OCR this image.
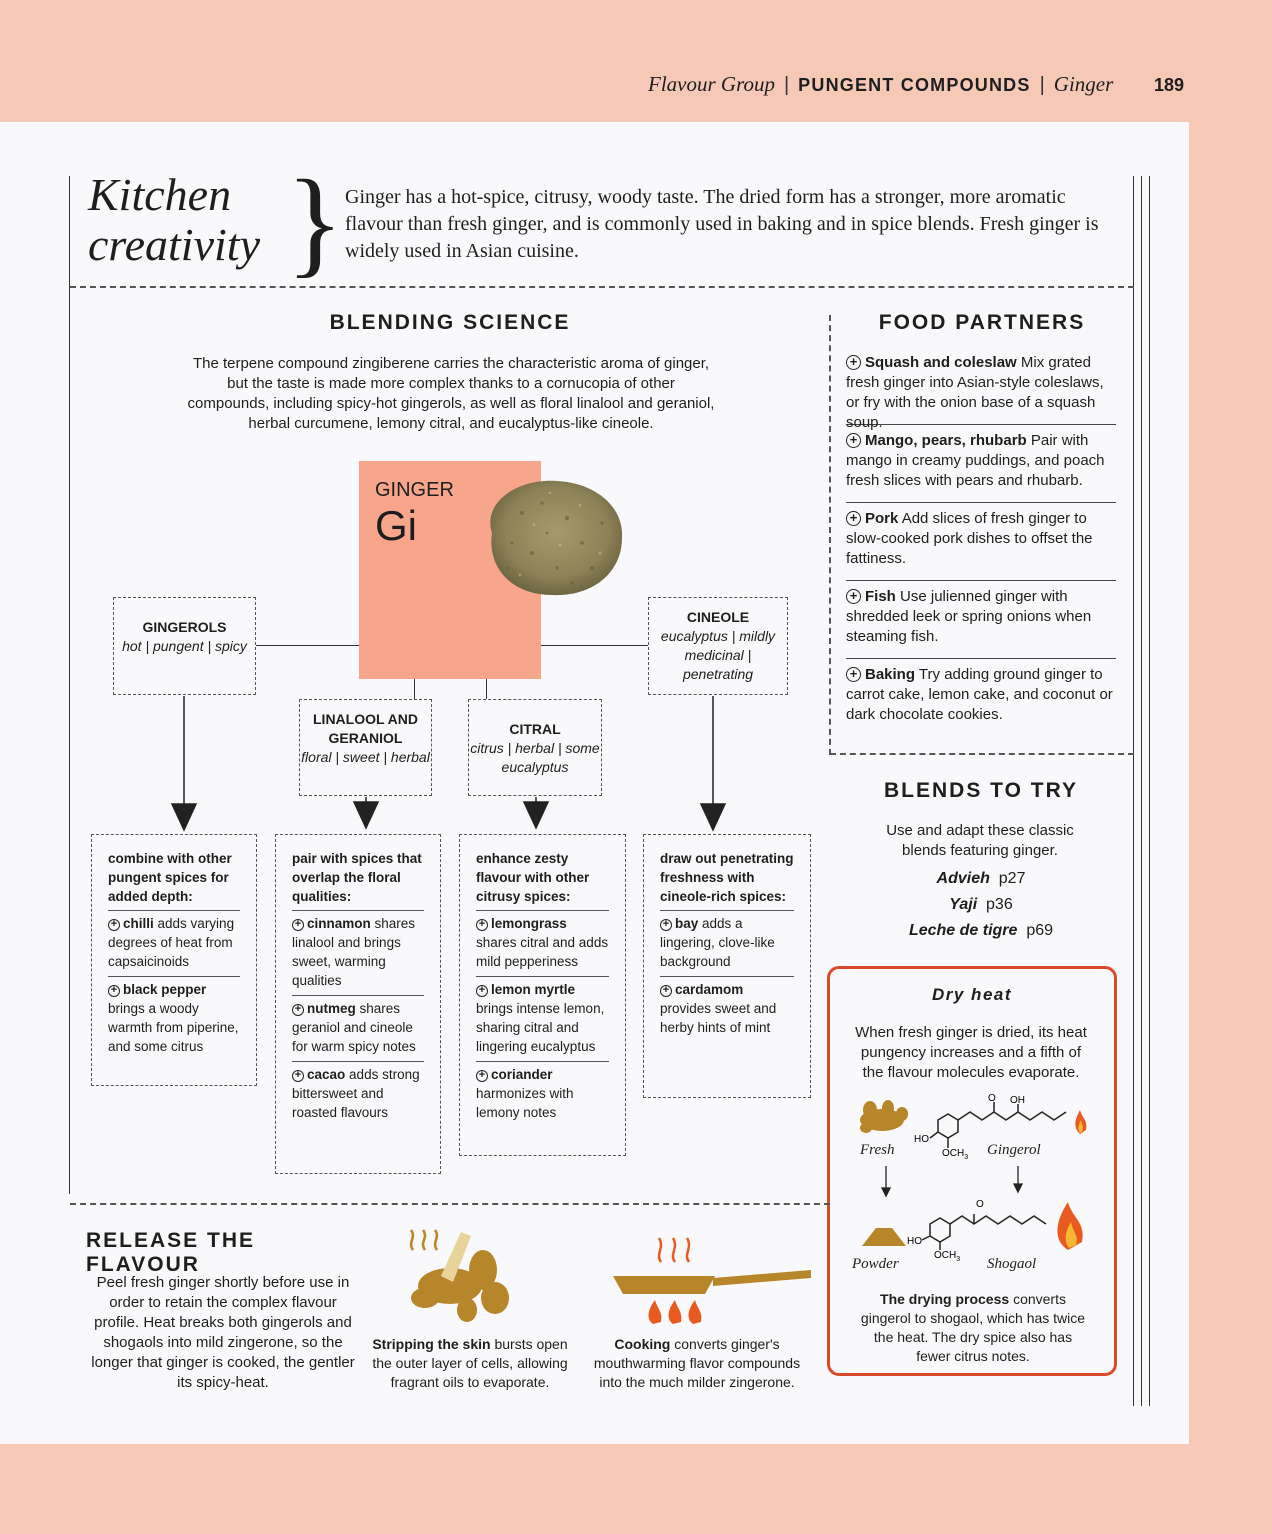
Flavour Group | PUNGENT COMPOUNDS | Ginger 189
Kitchen
creativity } Ginger has a hot-spice, citrusy, woody taste. The dried form has a stronger, more aromatic flavour than fresh ginger, and is commonly used in baking and in spice blends. Fresh ginger is widely used in Asian cuisine.
BLENDING SCIENCE
The terpene compound zingiberene carries the characteristic aroma of ginger, but the taste is made more complex thanks to a cornucopia of other compounds, including spicy-hot gingerols, as well as floral linalool and geraniol, herbal curcumene, lemony citral, and eucalyptus-like cineole.
GINGER
Gi
GINGEROLS
hot | pungent | spicy
LINALOOL AND GERANIOL
floral | sweet | herbal
CITRAL
citrus | herbal | some eucalyptus
CINEOLE
eucalyptus | mildly medicinal | penetrating
combine with other pungent spices for added depth:
+ chilli adds varying degrees of heat from capsaicinoids
+ black pepper brings a woody warmth from piperine, and some citrus
pair with spices that overlap the floral qualities:
+ cinnamon shares linalool and brings sweet, warming qualities
+ nutmeg shares geraniol and cineole for warm spicy notes
+ cacao adds strong bittersweet and roasted flavours
enhance zesty flavour with other citrusy spices:
+ lemongrass shares citral and adds mild pepperiness
+ lemon myrtle brings intense lemon, sharing citral and lingering eucalyptus
+ coriander harmonizes with lemony notes
draw out penetrating freshness with cineole-rich spices:
+ bay adds a lingering, clove-like background
+ cardamom provides sweet and herby hints of mint
FOOD PARTNERS
+ Squash and coleslaw Mix grated fresh ginger into Asian-style coleslaws, or fry with the onion base of a squash soup.
+ Mango, pears, rhubarb Pair with mango in creamy puddings, and poach fresh slices with pears and rhubarb.
+ Pork Add slices of fresh ginger to slow-cooked pork dishes to offset the fattiness.
+ Fish Use julienned ginger with shredded leek or spring onions when steaming fish.
+ Baking Try adding ground ginger to carrot cake, lemon cake, and coconut or dark chocolate cookies.
BLENDS TO TRY
Use and adapt these classic blends featuring ginger.
Advieh p27
Yaji p36
Leche de tigre p69
Dry heat
When fresh ginger is dried, its heat pungency increases and a fifth of the flavour molecules evaporate.
O OH
HO
$OCH_3$
O
HO
$OCH_3$
Fresh	Gingerol
Powder	Shogaol
The drying process converts gingerol to shogaol, which has twice the heat. The dry spice also has fewer citrus notes.
RELEASE THE FLAVOUR
Peel fresh ginger shortly before use in order to retain the complex flavour profile. Heat breaks both gingerols and shogaols into mild zingerone, so the longer that ginger is cooked, the gentler its spicy-heat.
Stripping the skin bursts open the outer layer of cells, allowing fragrant oils to evaporate.
Cooking converts ginger's mouthwarming flavor compounds into the much milder zingerone.
